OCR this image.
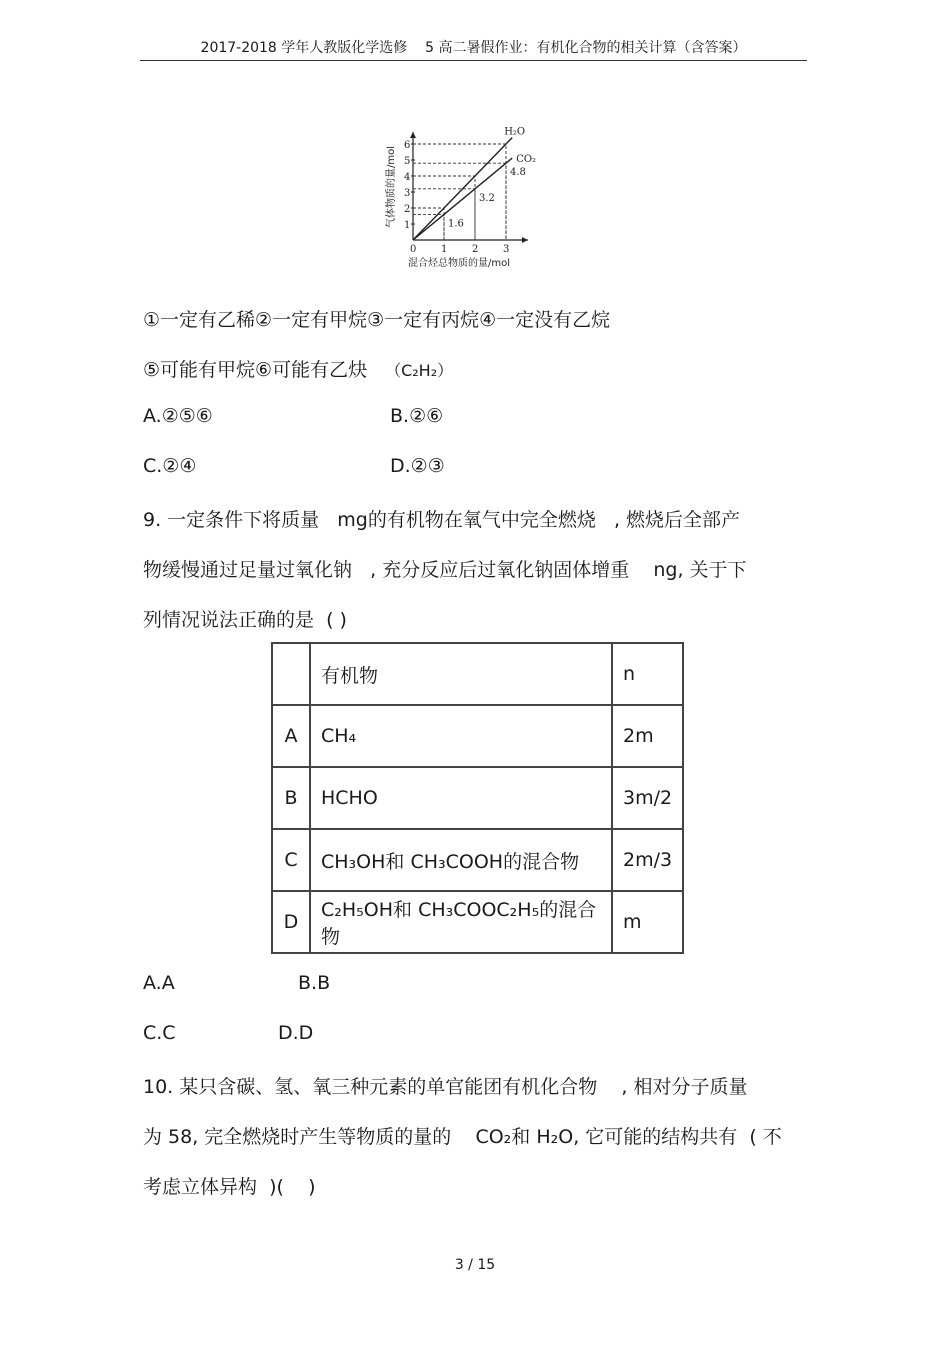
2017-2018 学年人教版化学选修 5 高二暑假作业：有机化合物的相关计算（含答案）
0 1 2 3
1
2
3
4
5
6
H₂O
CO₂
1.6
3.2
4.8
混合烃总物质的量/mol
气体物质的量/mol
①一定有乙稀②一定有甲烷③一定有丙烷④一定没有乙烷
⑤可能有甲烷⑥可能有乙炔 （C₂H₂）
A.②⑤⑥	B.②⑥
C.②④	D.②③
9. 一定条件下将质量   mg的有机物在氧气中完全燃烧   , 燃烧后全部产
物缓慢通过足量过氧化钠   , 充分反应后过氧化钠固体增重    ng, 关于下
列情况说法正确的是  ( )
	有机物	n
A	CH₄	2m
B	HCHO	3m/2
C	CH₃OH和 CH₃COOH的混合物	2m/3
D	C₂H₅OH和 CH₃COOC₂H₅的混合物	m
A.A	B.B
C.C	D.D
10. 某只含碳、氢、氧三种元素的单官能团有机化合物    , 相对分子质量
为 58, 完全燃烧时产生等物质的量的    CO₂和 H₂O, 它可能的结构共有  ( 不
考虑立体异构  )(    )
3 / 15
